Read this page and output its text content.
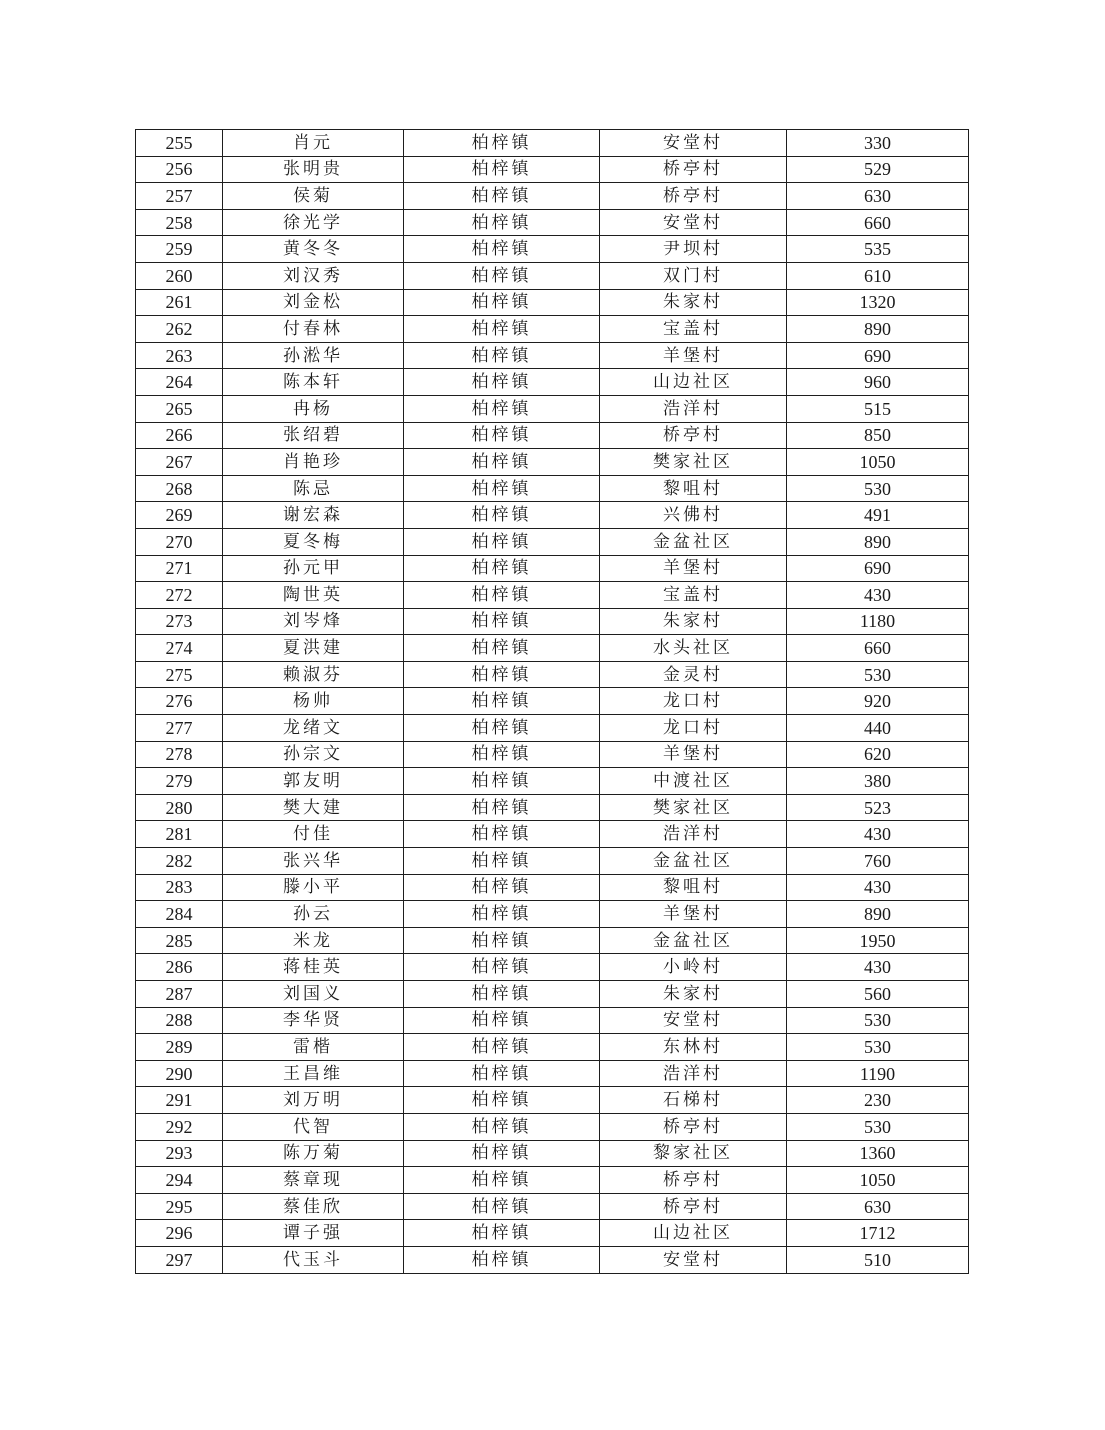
255	肖元	柏梓镇	安堂村	330
256	张明贵	柏梓镇	桥亭村	529
257	侯菊	柏梓镇	桥亭村	630
258	徐光学	柏梓镇	安堂村	660
259	黄冬冬	柏梓镇	尹坝村	535
260	刘汉秀	柏梓镇	双门村	610
261	刘金松	柏梓镇	朱家村	1320
262	付春林	柏梓镇	宝盖村	890
263	孙淞华	柏梓镇	羊堡村	690
264	陈本轩	柏梓镇	山边社区	960
265	冉杨	柏梓镇	浩洋村	515
266	张绍碧	柏梓镇	桥亭村	850
267	肖艳珍	柏梓镇	樊家社区	1050
268	陈忌	柏梓镇	黎咀村	530
269	谢宏森	柏梓镇	兴佛村	491
270	夏冬梅	柏梓镇	金盆社区	890
271	孙元甲	柏梓镇	羊堡村	690
272	陶世英	柏梓镇	宝盖村	430
273	刘岑烽	柏梓镇	朱家村	1180
274	夏洪建	柏梓镇	水头社区	660
275	赖淑芬	柏梓镇	金灵村	530
276	杨帅	柏梓镇	龙口村	920
277	龙绪文	柏梓镇	龙口村	440
278	孙宗文	柏梓镇	羊堡村	620
279	郭友明	柏梓镇	中渡社区	380
280	樊大建	柏梓镇	樊家社区	523
281	付佳	柏梓镇	浩洋村	430
282	张兴华	柏梓镇	金盆社区	760
283	滕小平	柏梓镇	黎咀村	430
284	孙云	柏梓镇	羊堡村	890
285	米龙	柏梓镇	金盆社区	1950
286	蒋桂英	柏梓镇	小岭村	430
287	刘国义	柏梓镇	朱家村	560
288	李华贤	柏梓镇	安堂村	530
289	雷楷	柏梓镇	东林村	530
290	王昌维	柏梓镇	浩洋村	1190
291	刘万明	柏梓镇	石梯村	230
292	代智	柏梓镇	桥亭村	530
293	陈万菊	柏梓镇	黎家社区	1360
294	蔡章现	柏梓镇	桥亭村	1050
295	蔡佳欣	柏梓镇	桥亭村	630
296	谭子强	柏梓镇	山边社区	1712
297	代玉斗	柏梓镇	安堂村	510
